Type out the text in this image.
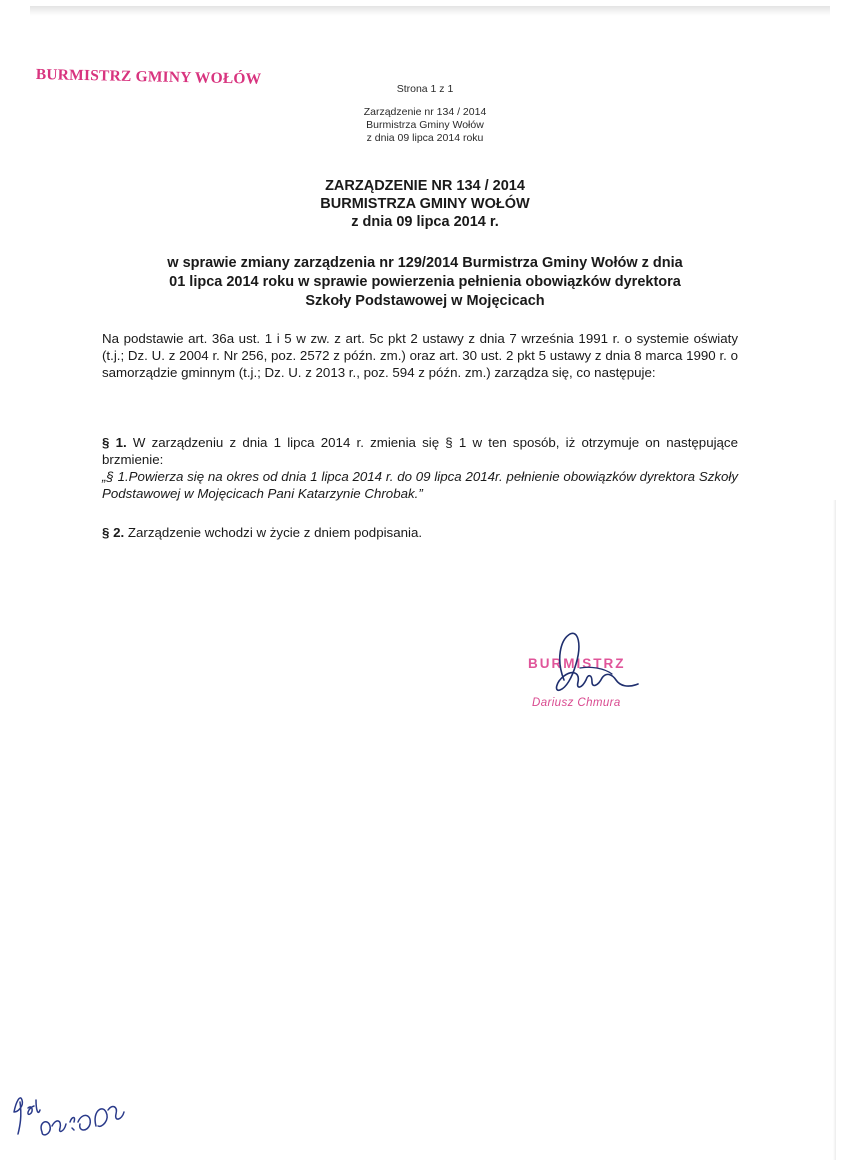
BURMISTRZ GMINY WOŁÓW
Strona 1 z 1
Zarządzenie nr 134 / 2014
Burmistrza Gminy Wołów
z dnia 09 lipca 2014 roku
ZARZĄDZENIE NR 134 / 2014
BURMISTRZA GMINY WOŁÓW
z dnia 09 lipca 2014 r.
w sprawie zmiany zarządzenia nr 129/2014 Burmistrza Gminy Wołów z dnia
01 lipca 2014 roku w sprawie powierzenia pełnienia obowiązków dyrektora
Szkoły Podstawowej w Mojęcicach
Na podstawie art. 36a ust. 1 i 5 w zw. z art. 5c pkt 2 ustawy z dnia 7 września 1991 r. o systemie oświaty (t.j.; Dz. U. z 2004 r. Nr 256, poz. 2572 z późn. zm.) oraz art. 30 ust. 2 pkt 5 ustawy z dnia 8 marca 1990 r. o samorządzie gminnym (t.j.; Dz. U. z 2013 r., poz. 594 z późn. zm.) zarządza się, co następuje:
§ 1. W zarządzeniu z dnia 1 lipca 2014 r. zmienia się § 1 w ten sposób, iż otrzymuje on następujące brzmienie:
„§ 1.Powierza się na okres od dnia 1 lipca 2014 r. do 09 lipca 2014r. pełnienie obowiązków dyrektora Szkoły Podstawowej w Mojęcicach Pani Katarzynie Chrobak.”
§ 2. Zarządzenie wchodzi w życie z dniem podpisania.
BURMISTRZ
Dariusz Chmura
